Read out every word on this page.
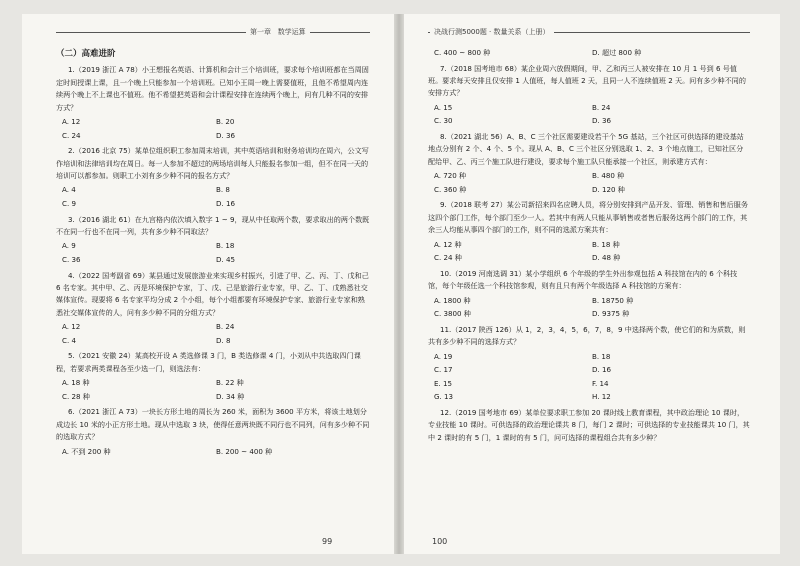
第一章 数学运算
（二）高难进阶

1.（2019 浙江 A 78）小王想报名英语、计算机和会计三个培训班，要求每个培训班都在当周固定时间授课上课，且一个晚上只能参加一个培训班。已知小王周一晚上需要值班，且他不希望周内连续两个晚上不上课也不值班。他不希望把英语和会计课程安排在连续两个晚上，问有几种不同的安排方式？

A. 12	B. 20
C. 24	D. 36

2.（2016 北京 75）某单位组织职工参加周末培训，其中英语培训和财务培训均在周六，公文写作培训和法律培训均在周日。每一人参加不超过的两场培训每人只能报名参加一组，但不在同一天的培训可以都参加。则职工小刘有多少种不同的报名方式？

A. 4	B. 8
C. 9	D. 16

3.（2016 湖北 61）在九宫格内依次填入数字 1 ~ 9，现从中任取两个数，要求取出的两个数既不在同一行也不在同一列，共有多少种不同取法？

A. 9	B. 18
C. 36	D. 45

4.（2022 国考副省 69）某县通过发展旅游业来实现乡村振兴，引进了甲、乙、丙、丁、戊和己 6 名专家。其中甲、乙、丙是环境保护专家，丁、戊、己是旅游行业专家，甲、乙、丁、戊熟悉社交媒体宣传。现要将 6 名专家平均分成 2 个小组，每个小组都要有环境保护专家、旅游行业专家和熟悉社交媒体宣传的人，问有多少种不同的分组方式？

A. 12	B. 24
C. 4	D. 8

5.（2021 安徽 24）某高校开设 A 类选修课 3 门，B 类选修课 4 门，小刘从中共选取四门课程，若要求两类课程各至少选一门，则选法有：

A. 18 种	B. 22 种
C. 28 种	D. 34 种

6.（2021 浙江 A 73）一块长方形土地的周长为 260 米，面积为 3600 平方米，将该土地划分成边长 10 米的小正方形土地。现从中选取 3 块，使得任意两块既不同行也不同列，问有多少种不同的选取方式？

A. 不到 200 种	B. 200 ~ 400 种
99
决战行测5000题 · 数量关系（上册）
C. 400 ~ 800 种	D. 超过 800 种

7.（2018 国考地市 68）某企业周六放假期间，甲、乙和丙三人被安排在 10 月 1 号到 6 号值班。要求每天安排且仅安排 1 人值班，每人值班 2 天，且同一人不连续值班 2 天。问有多少种不同的安排方式？

A. 15	B. 24
C. 30	D. 36

8.（2021 湖北 56）A、B、C 三个社区需要建设若干个 5G 基站，三个社区可供选择的建设基站地点分别有 2 个、4 个、5 个。现从 A、B、C 三个社区分别选取 1、2、3 个地点施工，已知社区分配给甲、乙、丙三个施工队进行建设，要求每个施工队只能承接一个社区，则承建方式有：

A. 720 种	B. 480 种
C. 360 种	D. 120 种

9.（2018 联考 27）某公司新招来四名应聘人员，将分别安排到产品开发、管理、销售和售后服务这四个部门工作，每个部门至少一人。若其中有两人只能从事销售或者售后服务这两个部门的工作，其余三人均能从事四个部门的工作，则不同的选派方案共有：

A. 12 种	B. 18 种
C. 24 种	D. 48 种

10.（2019 河南选调 31）某小学组织 6 个年级的学生外出参观包括 A 科技馆在内的 6 个科技馆，每个年级任选一个科技馆参观，则有且只有两个年级选择 A 科技馆的方案有：

A. 1800 种	B. 18750 种
C. 3800 种	D. 9375 种

11.（2017 陕西 126）从 1，2，3，4，5，6，7，8，9 中选择两个数，使它们的和为质数，则共有多少种不同的选择方式？

A. 19	B. 18
C. 17	D. 16
E. 15	F. 14
G. 13	H. 12

12.（2019 国考地市 69）某单位要求职工参加 20 课时线上教育课程，其中政治理论 10 课时，专业技能 10 课时。可供选择的政治理论课共 8 门，每门 2 课时；可供选择的专业技能课共 10 门，其中 2 课时的有 5 门，1 课时的有 5 门，问可选择的课程组合共有多少种？

100
